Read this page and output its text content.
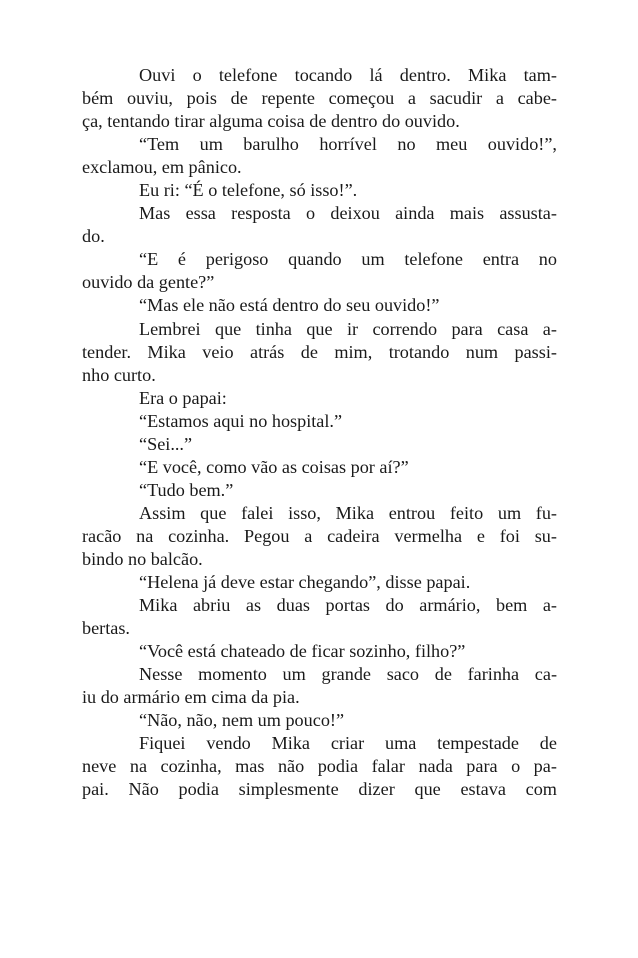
Ouvi o telefone tocando lá dentro. Mika tam-
bém ouviu, pois de repente começou a sacudir a cabe-
ça, tentando tirar alguma coisa de dentro do ouvido.
“Tem um barulho horrível no meu ouvido!”,
exclamou, em pânico.
Eu ri: “É o telefone, só isso!”.
Mas essa resposta o deixou ainda mais assusta-
do.
“E é perigoso quando um telefone entra no
ouvido da gente?”
“Mas ele não está dentro do seu ouvido!”
Lembrei que tinha que ir correndo para casa a-
tender. Mika veio atrás de mim, trotando num passi-
nho curto.
Era o papai:
“Estamos aqui no hospital.”
“Sei...”
“E você, como vão as coisas por aí?”
“Tudo bem.”
Assim que falei isso, Mika entrou feito um fu-
racão na cozinha. Pegou a cadeira vermelha e foi su-
bindo no balcão.
“Helena já deve estar chegando”, disse papai.
Mika abriu as duas portas do armário, bem a-
bertas.
“Você está chateado de ficar sozinho, filho?”
Nesse momento um grande saco de farinha ca-
iu do armário em cima da pia.
“Não, não, nem um pouco!”
Fiquei vendo Mika criar uma tempestade de
neve na cozinha, mas não podia falar nada para o pa-
pai. Não podia simplesmente dizer que estava com
